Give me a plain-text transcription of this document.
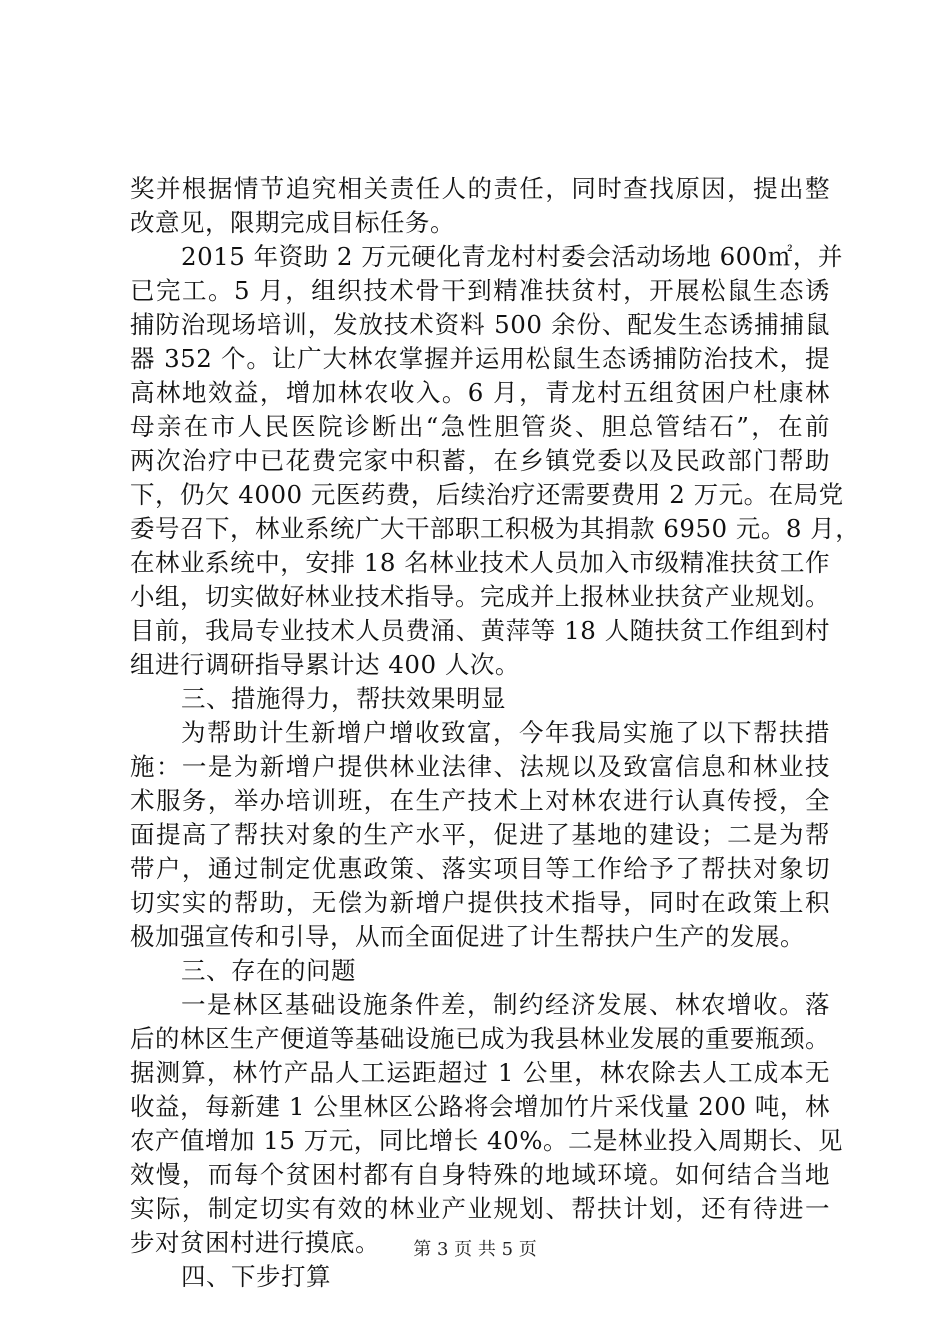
奖并根据情节追究相关责任人的责任，同时查找原因，提出整
改意见，限期完成目标任务。
2015 年资助 2 万元硬化青龙村村委会活动场地 600㎡，并
已完工。5 月，组织技术骨干到精准扶贫村，开展松鼠生态诱
捕防治现场培训，发放技术资料 500 余份、配发生态诱捕捕鼠
器 352 个。让广大林农掌握并运用松鼠生态诱捕防治技术，提
高林地效益，增加林农收入。6 月，青龙村五组贫困户杜康林
母亲在市人民医院诊断出“急性胆管炎、胆总管结石”，在前
两次治疗中已花费完家中积蓄，在乡镇党委以及民政部门帮助
下，仍欠 4000 元医药费，后续治疗还需要费用 2 万元。在局党
委号召下，林业系统广大干部职工积极为其捐款 6950 元。8 月，
在林业系统中，安排 18 名林业技术人员加入市级精准扶贫工作
小组，切实做好林业技术指导。完成并上报林业扶贫产业规划。
目前，我局专业技术人员费涌、黄萍等 18 人随扶贫工作组到村
组进行调研指导累计达 400 人次。
三、措施得力，帮扶效果明显
为帮助计生新增户增收致富，今年我局实施了以下帮扶措
施：一是为新增户提供林业法律、法规以及致富信息和林业技
术服务，举办培训班，在生产技术上对林农进行认真传授，全
面提高了帮扶对象的生产水平，促进了基地的建设；二是为帮
带户，通过制定优惠政策、落实项目等工作给予了帮扶对象切
切实实的帮助，无偿为新增户提供技术指导，同时在政策上积
极加强宣传和引导，从而全面促进了计生帮扶户生产的发展。
三、存在的问题
一是林区基础设施条件差，制约经济发展、林农增收。落
后的林区生产便道等基础设施已成为我县林业发展的重要瓶颈。
据测算，林竹产品人工运距超过 1 公里，林农除去人工成本无
收益，每新建 1 公里林区公路将会增加竹片采伐量 200 吨，林
农产值增加 15 万元，同比增长 40%。二是林业投入周期长、见
效慢，而每个贫困村都有自身特殊的地域环境。如何结合当地
实际，制定切实有效的林业产业规划、帮扶计划，还有待进一
步对贫困村进行摸底。
四、下步打算
第 3 页 共 5 页
